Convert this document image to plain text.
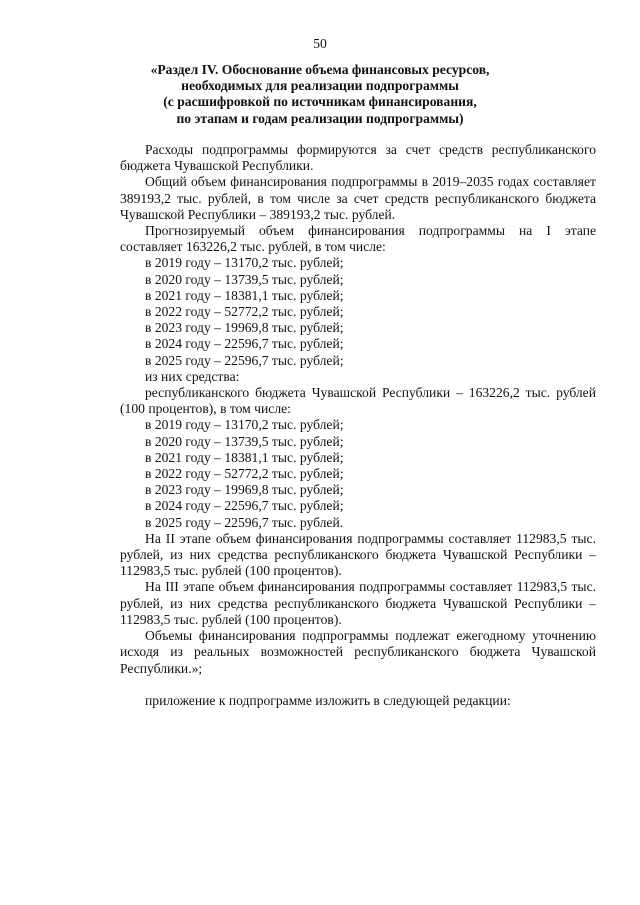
50
«Раздел IV. Обоснование объема финансовых ресурсов,
необходимых для реализации подпрограммы
(с расшифровкой по источникам финансирования,
по этапам и годам реализации подпрограммы)

Расходы подпрограммы формируются за счет средств республиканского бюджета Чувашской Республики.

Общий объем финансирования подпрограммы в 2019–2035 годах составляет 389193,2 тыс. рублей, в том числе за счет средств республиканского бюджета Чувашской Республики – 389193,2 тыс. рублей.

Прогнозируемый объем финансирования подпрограммы на I этапе составляет 163226,2 тыс. рублей, в том числе:

в 2019 году – 13170,2 тыс. рублей;

в 2020 году – 13739,5 тыс. рублей;

в 2021 году – 18381,1 тыс. рублей;

в 2022 году – 52772,2 тыс. рублей;

в 2023 году – 19969,8 тыс. рублей;

в 2024 году – 22596,7 тыс. рублей;

в 2025 году – 22596,7 тыс. рублей;

из них средства:

республиканского бюджета Чувашской Республики – 163226,2 тыс. рублей (100 процентов), в том числе:

в 2019 году – 13170,2 тыс. рублей;

в 2020 году – 13739,5 тыс. рублей;

в 2021 году – 18381,1 тыс. рублей;

в 2022 году – 52772,2 тыс. рублей;

в 2023 году – 19969,8 тыс. рублей;

в 2024 году – 22596,7 тыс. рублей;

в 2025 году – 22596,7 тыс. рублей.

На II этапе объем финансирования подпрограммы составляет 112983,5 тыс. рублей, из них средства республиканского бюджета Чувашской Республики –112983,5 тыс. рублей (100 процентов).

На III этапе объем финансирования подпрограммы составляет 112983,5 тыс. рублей, из них средства республиканского бюджета Чувашской Республики – 112983,5 тыс. рублей (100 процентов).

Объемы финансирования подпрограммы подлежат ежегодному уточнению исходя из реальных возможностей республиканского бюджета Чувашской Республики.»;

приложение к подпрограмме изложить в следующей редакции:
